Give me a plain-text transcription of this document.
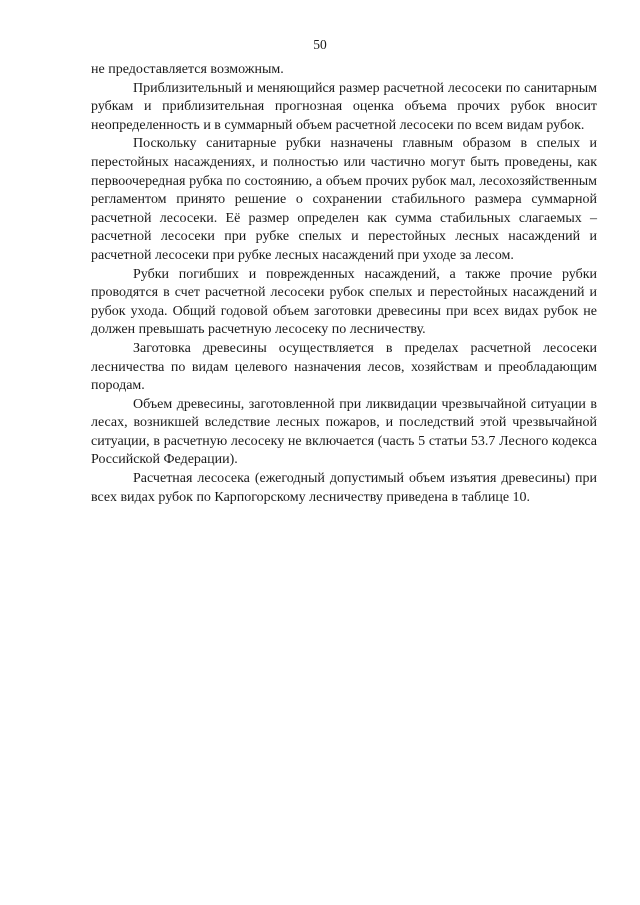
50

не предоставляется возможным.

Приблизительный и меняющийся размер расчетной лесосеки по санитарным рубкам и приблизительная прогнозная оценка объема прочих рубок вносит неопределенность и в суммарный объем расчетной лесосеки по всем видам рубок.

Поскольку санитарные рубки назначены главным образом в спелых и перестойных насаждениях, и полностью или частично могут быть проведены, как первоочередная рубка по состоянию, а объем прочих рубок мал, лесохозяйственным регламентом принято решение о сохранении стабильного размера суммарной расчетной лесосеки. Её размер определен как сумма стабильных слагаемых – расчетной лесосеки при рубке спелых и перестойных лесных насаждений и расчетной лесосеки при рубке лесных насаждений при уходе за лесом.

Рубки погибших и поврежденных насаждений, а также прочие рубки проводятся в счет расчетной лесосеки рубок спелых и перестойных насаждений и рубок ухода. Общий годовой объем заготовки древесины при всех видах рубок не должен превышать расчетную лесосеку по лесничеству.

Заготовка древесины осуществляется в пределах расчетной лесосеки лесничества по видам целевого назначения лесов, хозяйствам и преобладающим породам.

Объем древесины, заготовленной при ликвидации чрезвычайной ситуации в лесах, возникшей вследствие лесных пожаров, и последствий этой чрезвычайной ситуации, в расчетную лесосеку не включается (часть 5 статьи 53.7 Лесного кодекса Российской Федерации).

Расчетная лесосека (ежегодный допустимый объем изъятия древесины) при всех видах рубок по Карпогорскому лесничеству приведена в таблице 10.
